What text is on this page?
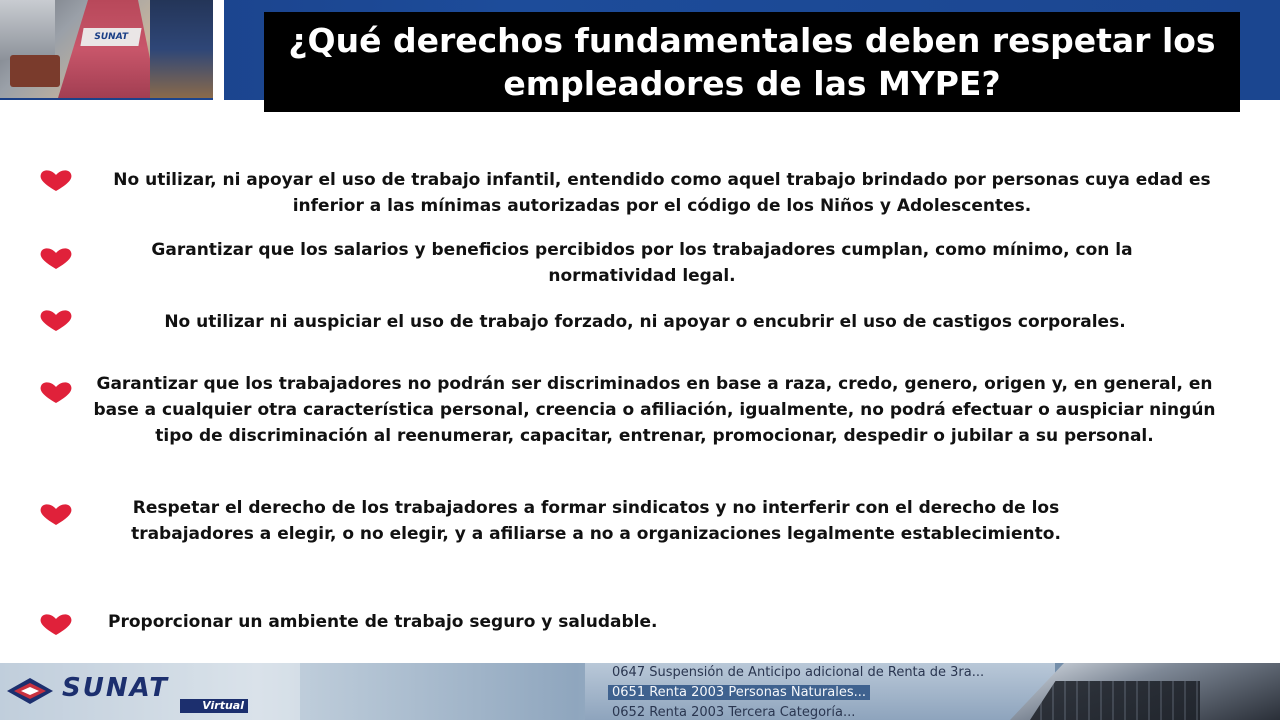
SUNAT	¿Qué derechos fundamentales deben respetar los empleadores de las MYPE?
No utilizar, ni apoyar el uso de trabajo infantil, entendido como aquel trabajo brindado por personas cuya edad es inferior a las mínimas autorizadas por el código de los Niños y Adolescentes.
Garantizar que los salarios y beneficios percibidos por los trabajadores cumplan, como mínimo, con la normatividad legal.
No utilizar ni auspiciar el uso de trabajo forzado, ni apoyar o encubrir el uso de castigos corporales.
Garantizar que los trabajadores no podrán ser discriminados en base a raza, credo, genero, origen y, en general, en base a cualquier otra característica personal, creencia o afiliación, igualmente, no podrá efectuar o auspiciar ningún tipo de discriminación al reenumerar, capacitar, entrenar, promocionar, despedir o jubilar a su personal.
Respetar el derecho de los trabajadores a formar sindicatos y no interferir con el derecho de los trabajadores a elegir, o no elegir, y a afiliarse a no a organizaciones legalmente establecimiento.
Proporcionar un ambiente de trabajo seguro y saludable.
SUNAT
Virtual
0647 Suspensión de Anticipo adicional de Renta de 3ra...
0651 Renta 2003 Personas Naturales...
0652 Renta 2003 Tercera Categoría...
